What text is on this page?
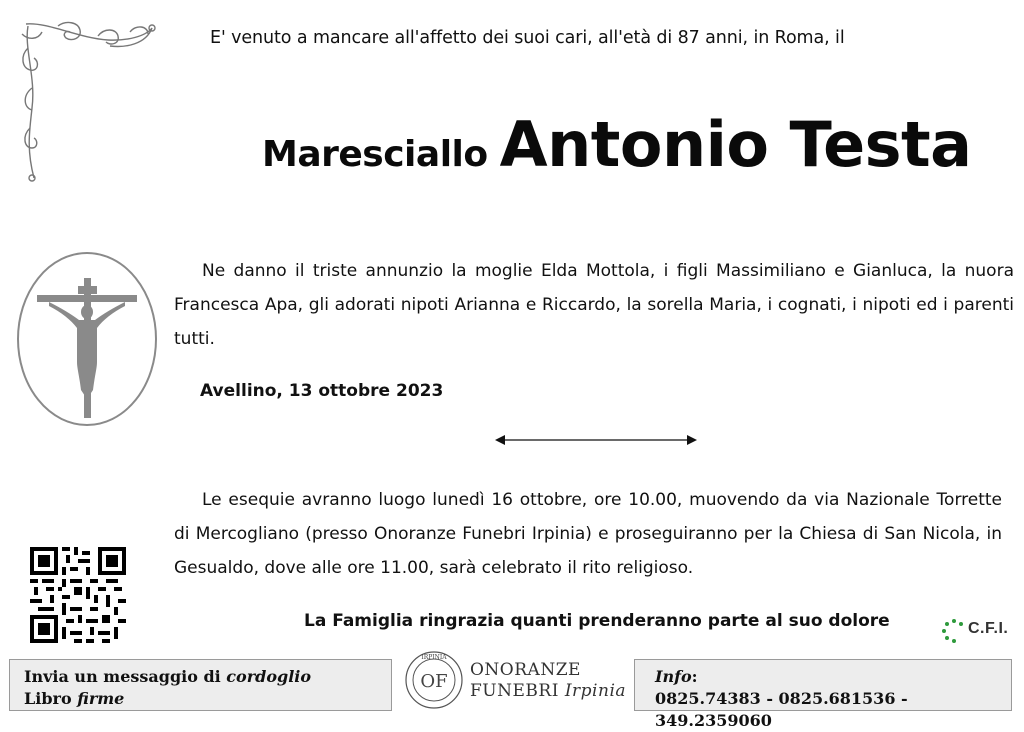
E' venuto a mancare all'affetto dei suoi cari, all'età di 87 anni, in Roma, il
Maresciallo Antonio Testa
Ne danno il triste annunzio la moglie Elda Mottola, i figli Massimiliano e Gianluca, la nuora Francesca Apa, gli adorati nipoti Arianna e Riccardo, la sorella Maria, i cognati, i nipoti ed i parenti tutti.
Avellino, 13 ottobre 2023
Le esequie avranno luogo lunedì 16 ottobre, ore 10.00, muovendo da via Nazionale Torrette di Mercogliano (presso Onoranze Funebri Irpinia) e proseguiranno per la Chiesa di San Nicola, in Gesualdo, dove alle ore 11.00, sarà celebrato il rito religioso.
La Famiglia ringrazia quanti prenderanno parte al suo dolore	C.F.I.
Invia un messaggio di cordoglio
Libro firme
IRPINIA
OF
ONORANZE
FUNEBRI Irpinia
Info:
0825.74383 - 0825.681536 - 349.2359060
